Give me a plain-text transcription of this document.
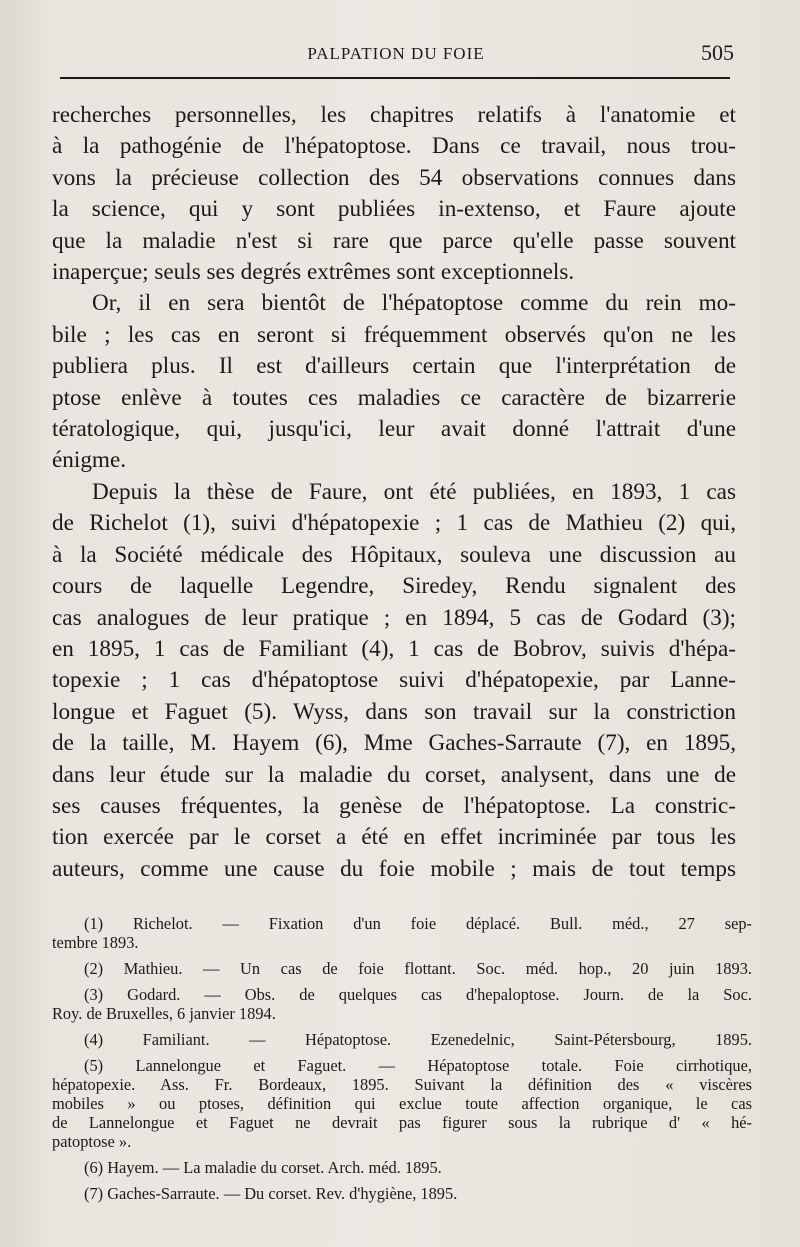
PALPATION DU FOIE	505
recherches personnelles, les chapitres relatifs à l'anatomie et
à la pathogénie de l'hépatoptose. Dans ce travail, nous trou-
vons la précieuse collection des 54 observations connues dans
la science, qui y sont publiées in-extenso, et Faure ajoute
que la maladie n'est si rare que parce qu'elle passe souvent
inaperçue; seuls ses degrés extrêmes sont exceptionnels.
Or, il en sera bientôt de l'hépatoptose comme du rein mo-
bile ; les cas en seront si fréquemment observés qu'on ne les
publiera plus. Il est d'ailleurs certain que l'interprétation de
ptose enlève à toutes ces maladies ce caractère de bizarrerie
tératologique, qui, jusqu'ici, leur avait donné l'attrait d'une
énigme.
Depuis la thèse de Faure, ont été publiées, en 1893, 1 cas
de Richelot (1), suivi d'hépatopexie ; 1 cas de Mathieu (2) qui,
à la Société médicale des Hôpitaux, souleva une discussion au
cours de laquelle Legendre, Siredey, Rendu signalent des
cas analogues de leur pratique ; en 1894, 5 cas de Godard (3);
en 1895, 1 cas de Familiant (4), 1 cas de Bobrov, suivis d'hépa-
topexie ; 1 cas d'hépatoptose suivi d'hépatopexie, par Lanne-
longue et Faguet (5). Wyss, dans son travail sur la constriction
de la taille, M. Hayem (6), Mme Gaches-Sarraute (7), en 1895,
dans leur étude sur la maladie du corset, analysent, dans une de
ses causes fréquentes, la genèse de l'hépatoptose. La constric-
tion exercée par le corset a été en effet incriminée par tous les
auteurs, comme une cause du foie mobile ; mais de tout temps
(1) Richelot. — Fixation d'un foie déplacé. Bull. méd., 27 sep-
tembre 1893.
(2) Mathieu. — Un cas de foie flottant. Soc. méd. hop., 20 juin 1893.
(3) Godard. — Obs. de quelques cas d'hepaloptose. Journ. de la Soc.
Roy. de Bruxelles, 6 janvier 1894.
(4) Familiant. — Hépatoptose. Ezenedelnic, Saint-Pétersbourg, 1895.
(5) Lannelongue et Faguet. — Hépatoptose totale. Foie cirrhotique,
hépatopexie. Ass. Fr. Bordeaux, 1895. Suivant la définition des « viscères
mobiles » ou ptoses, définition qui exclue toute affection organique, le cas
de Lannelongue et Faguet ne devrait pas figurer sous la rubrique d' « hé-
patoptose ».
(6) Hayem. — La maladie du corset. Arch. méd. 1895.
(7) Gaches-Sarraute. — Du corset. Rev. d'hygiène, 1895.
